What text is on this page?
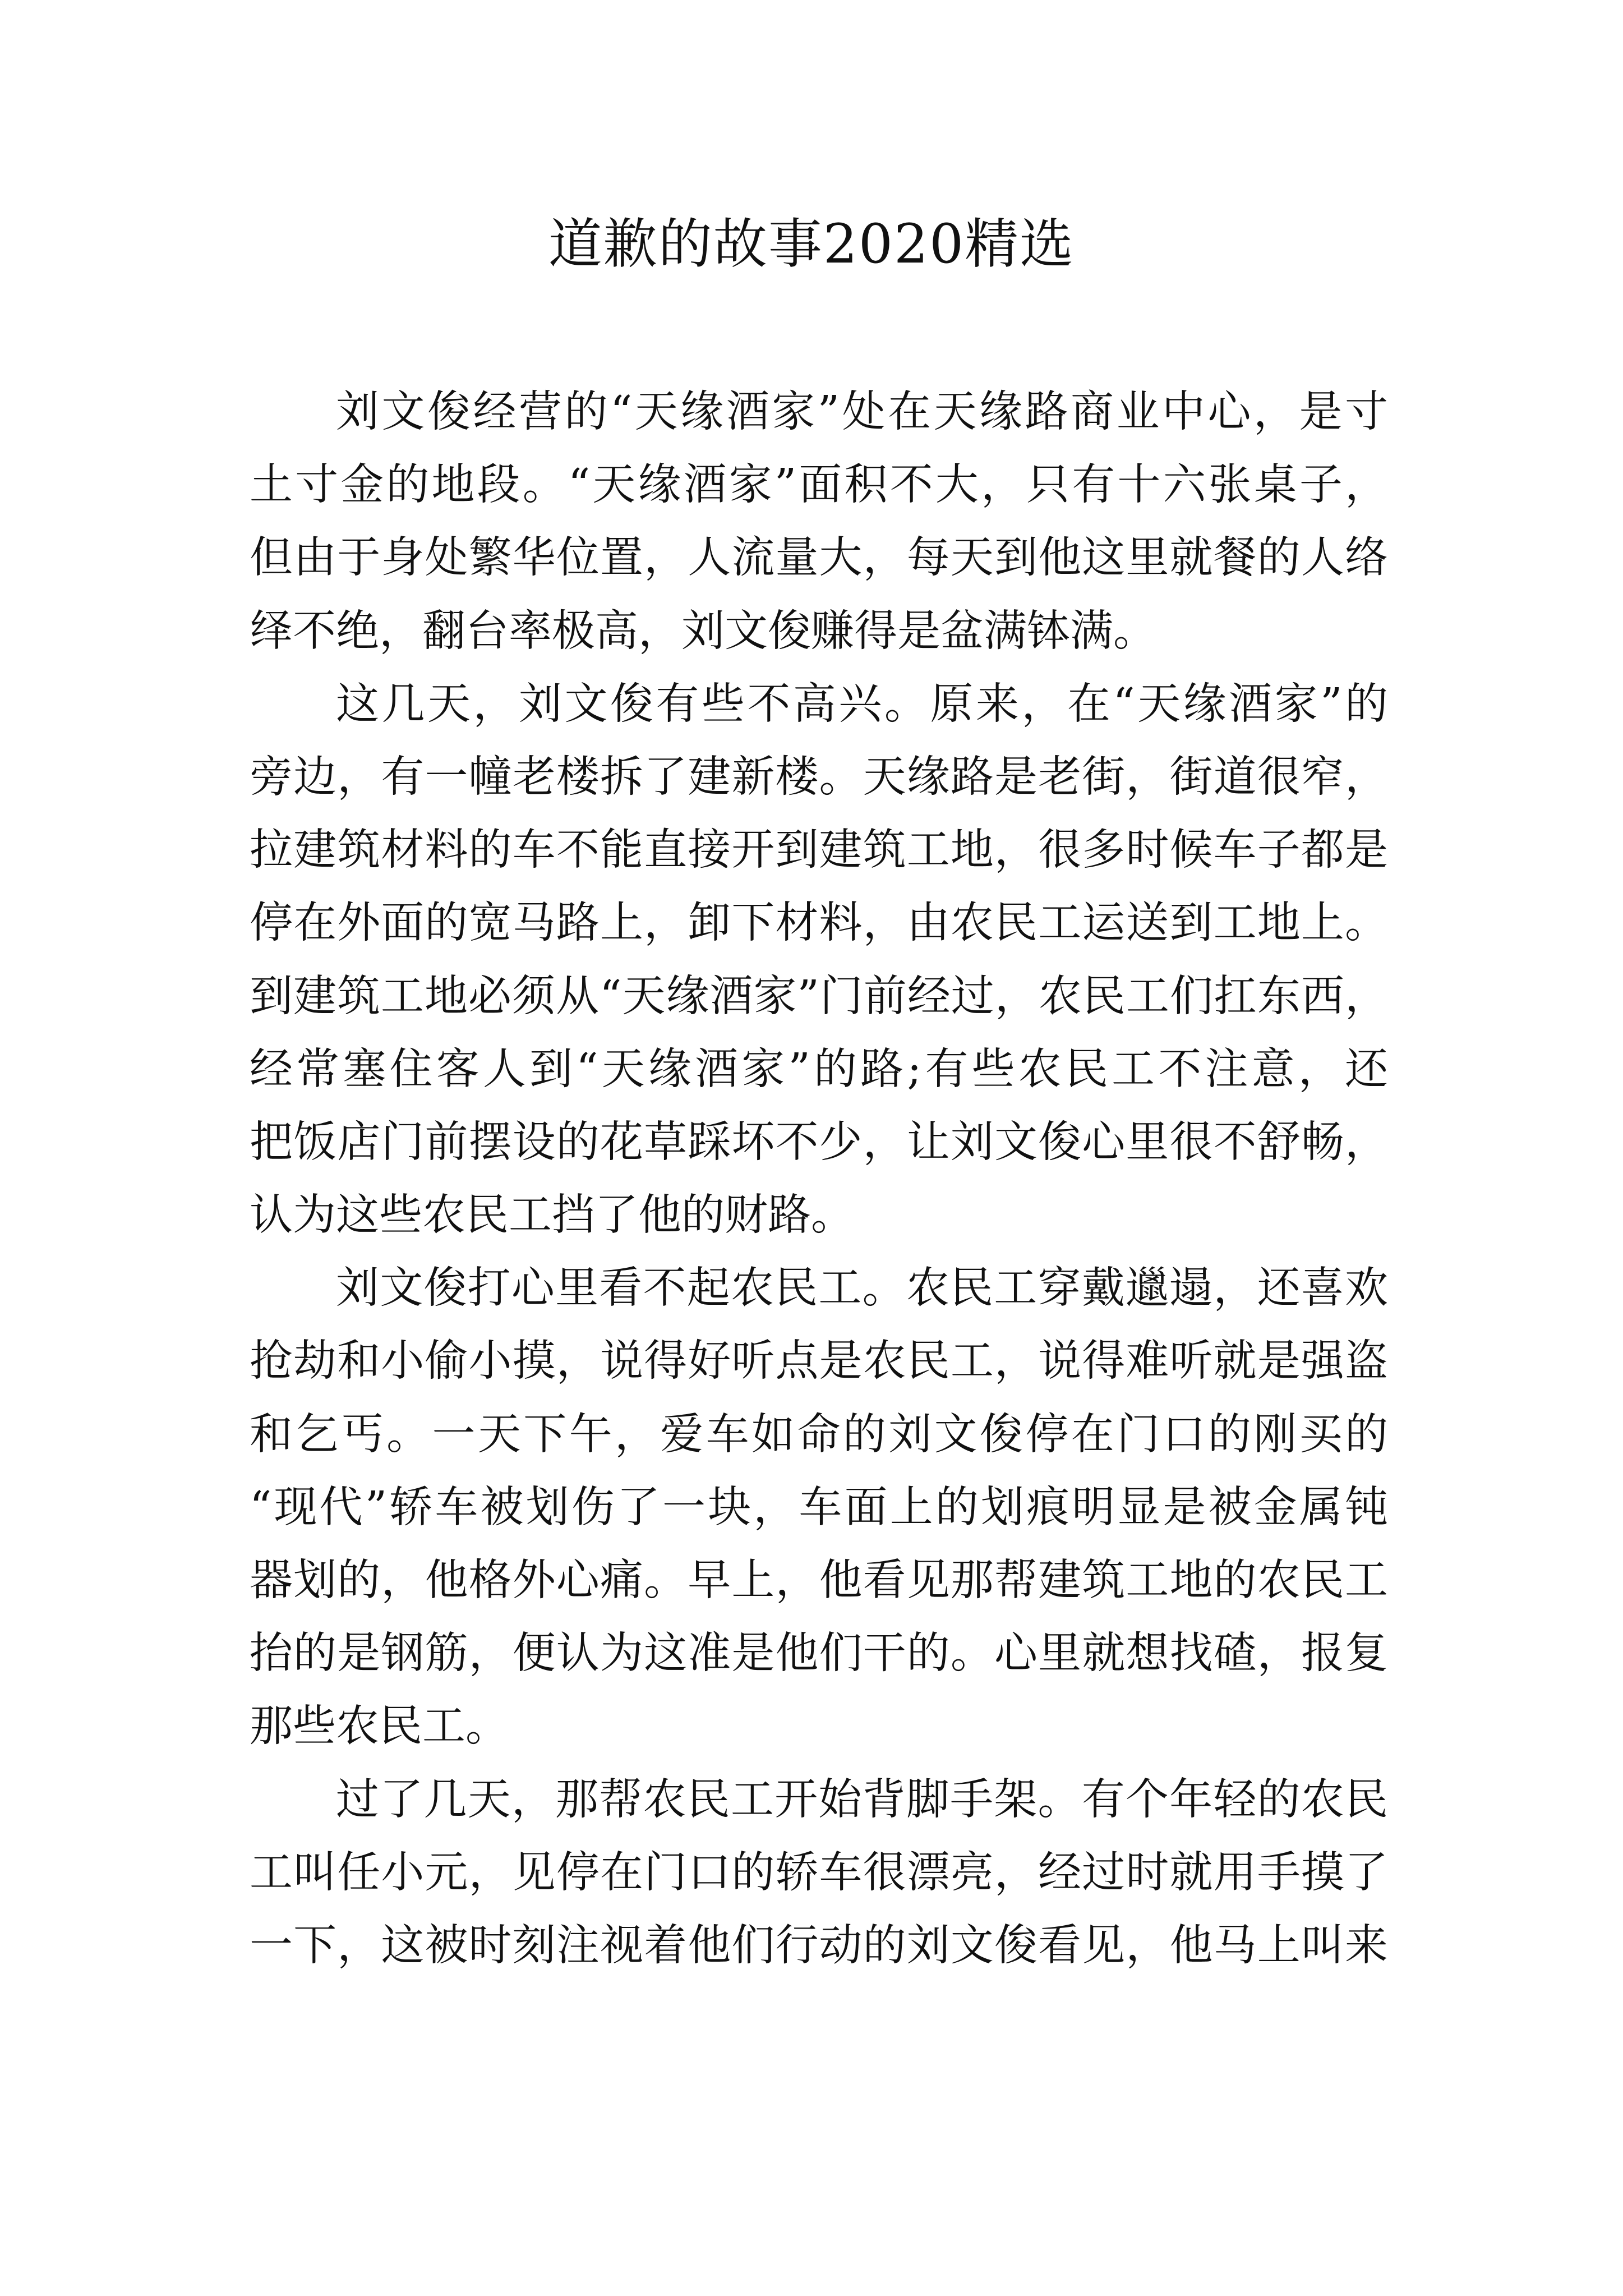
道歉的故事2020精选
刘文俊经营的“天缘酒家”处在天缘路商业中心，是寸
土寸金的地段。“天缘酒家”面积不大，只有十六张桌子，
但由于身处繁华位置，人流量大，每天到他这里就餐的人络
绎不绝，翻台率极高，刘文俊赚得是盆满钵满。
这几天，刘文俊有些不高兴。原来，在“天缘酒家”的
旁边，有一幢老楼拆了建新楼。天缘路是老街，街道很窄，
拉建筑材料的车不能直接开到建筑工地，很多时候车子都是
停在外面的宽马路上，卸下材料，由农民工运送到工地上。
到建筑工地必须从“天缘酒家”门前经过，农民工们扛东西，
经常塞住客人到“天缘酒家”的路;有些农民工不注意，还
把饭店门前摆设的花草踩坏不少，让刘文俊心里很不舒畅，
认为这些农民工挡了他的财路。
刘文俊打心里看不起农民工。农民工穿戴邋遢，还喜欢
抢劫和小偷小摸，说得好听点是农民工，说得难听就是强盗
和乞丐。一天下午，爱车如命的刘文俊停在门口的刚买的
“现代”轿车被划伤了一块，车面上的划痕明显是被金属钝
器划的，他格外心痛。早上，他看见那帮建筑工地的农民工
抬的是钢筋，便认为这准是他们干的。心里就想找碴，报复
那些农民工。
过了几天，那帮农民工开始背脚手架。有个年轻的农民
工叫任小元，见停在门口的轿车很漂亮，经过时就用手摸了
一下，这被时刻注视着他们行动的刘文俊看见，他马上叫来
